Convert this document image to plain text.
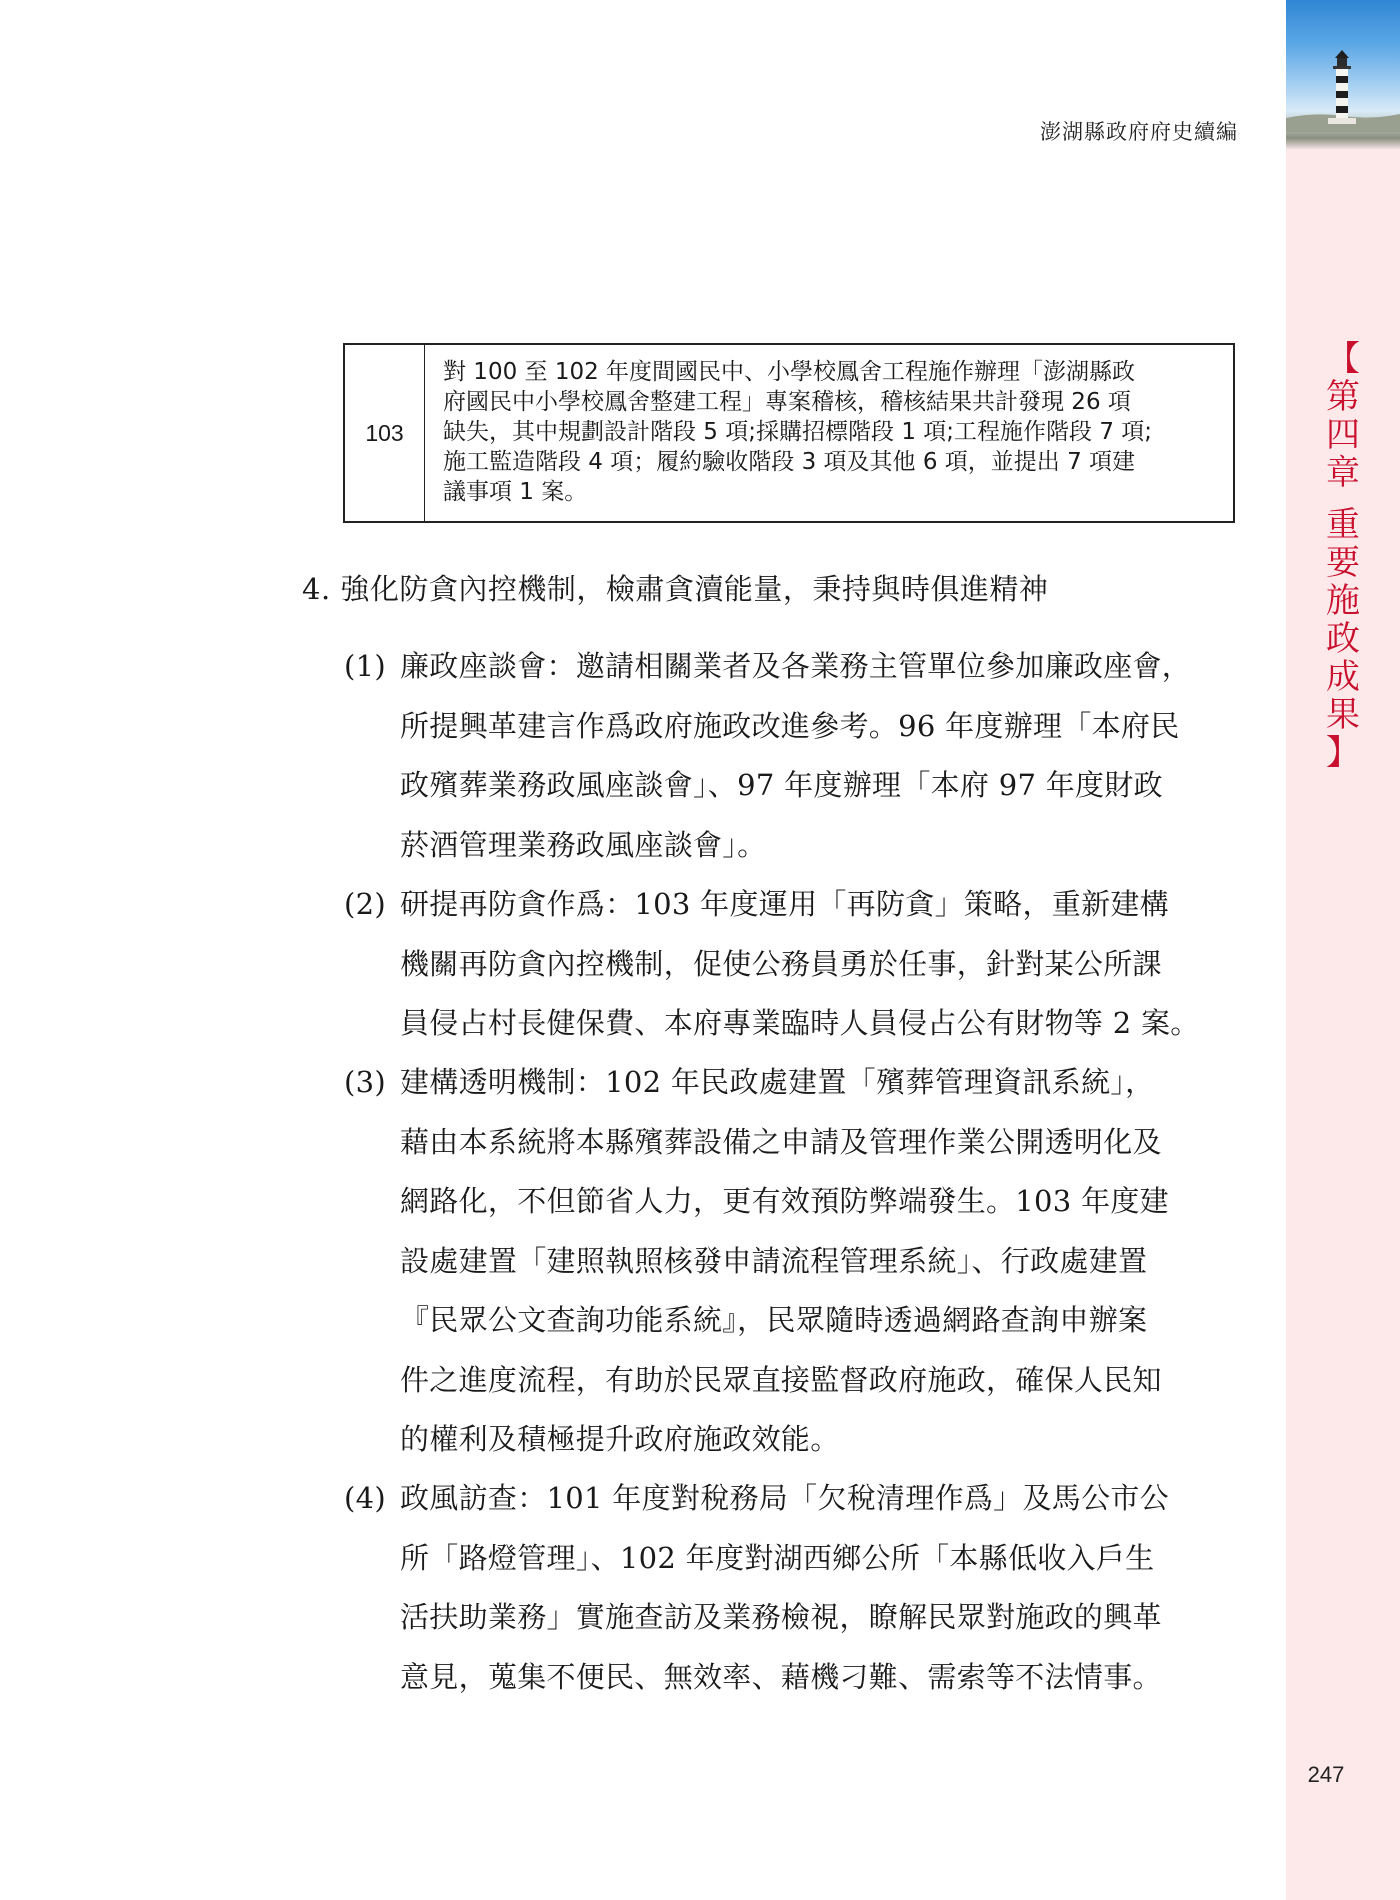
【
第
四
章

重
要
施
政
成
果
】
247
澎湖縣政府府史續編
103
對 100 至 102 年度間國民中、小學校鳳舍工程施作辦理「澎湖縣政
府國民中小學校鳳舍整建工程」專案稽核，稽核結果共計發現 26 項
缺失，其中規劃設計階段 5 項;採購招標階段 1 項;工程施作階段 7 項;
施工監造階段 4 項；履約驗收階段 3 項及其他 6 項，並提出 7 項建
議事項 1 案。
4. 強化防貪內控機制，檢肅貪瀆能量，秉持與時俱進精神
(1) 廉政座談會：邀請相關業者及各業務主管單位參加廉政座會，
所提興革建言作爲政府施政改進參考。96 年度辦理「本府民
政殯葬業務政風座談會」、97 年度辦理「本府 97 年度財政
菸酒管理業務政風座談會」。
(2) 研提再防貪作爲：103 年度運用「再防貪」策略，重新建構
機關再防貪內控機制，促使公務員勇於任事，針對某公所課
員侵占村長健保費、本府專業臨時人員侵占公有財物等 2 案。
(3) 建構透明機制：102 年民政處建置「殯葬管理資訊系統」，
藉由本系統將本縣殯葬設備之申請及管理作業公開透明化及
網路化，不但節省人力，更有效預防弊端發生。103 年度建
設處建置「建照執照核發申請流程管理系統」、行政處建置
『民眾公文查詢功能系統』，民眾隨時透過網路查詢申辦案
件之進度流程，有助於民眾直接監督政府施政，確保人民知
的權利及積極提升政府施政效能。
(4) 政風訪查：101 年度對稅務局「欠稅清理作爲」及馬公市公
所「路燈管理」、102 年度對湖西鄉公所「本縣低收入戶生
活扶助業務」實施查訪及業務檢視，瞭解民眾對施政的興革
意見，蒐集不便民、無效率、藉機刁難、需索等不法情事。
